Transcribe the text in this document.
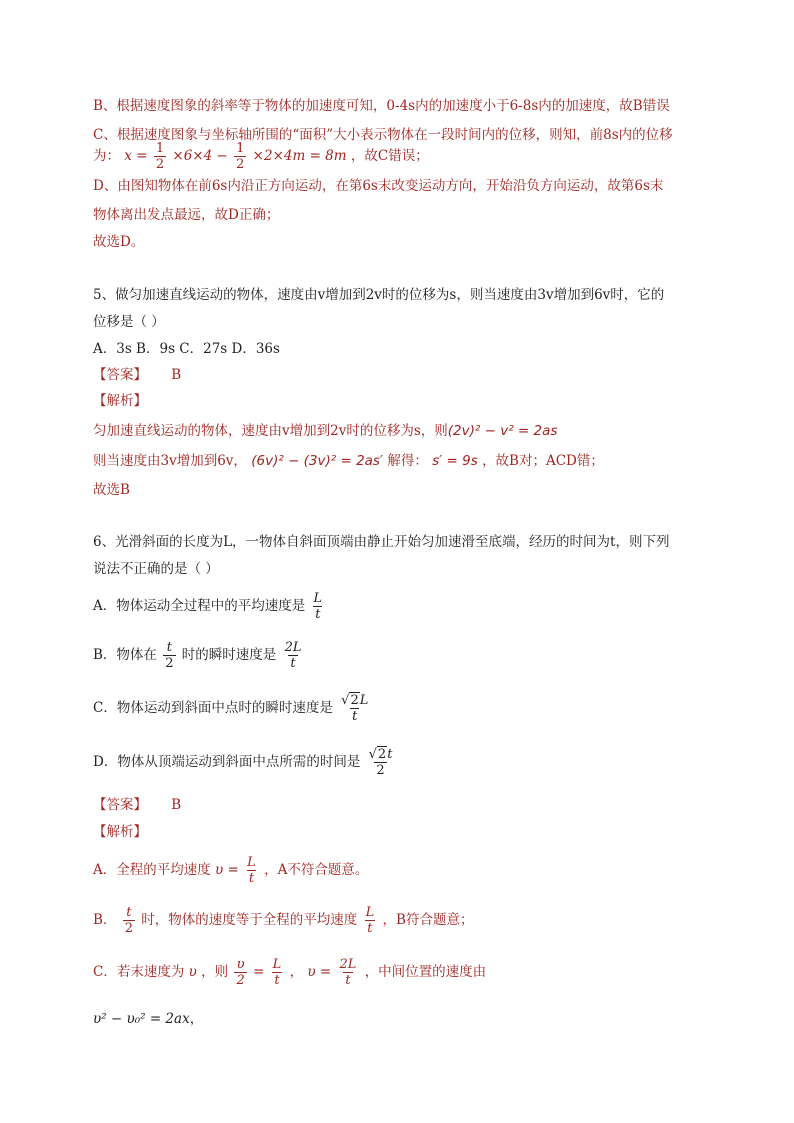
B、根据速度图象的斜率等于物体的加速度可知，0-4s内的加速度小于6-8s内的加速度，故B错误
C、根据速度图象与坐标轴所围的“面积”大小表示物体在一段时间内的位移，则知，前8s内的位移
为： $x = \frac{1}{2} \times 6\times 4 - \frac{1}{2} \times 2\times 4m = 8m$ ，故C错误；
D、由图知物体在前6s内沿正方向运动，在第6s末改变运动方向，开始沿负方向运动，故第6s末
物体离出发点最远，故D正确；
故选D。
5、做匀加速直线运动的物体，速度由v增加到2v时的位移为s，则当速度由3v增加到6v时，它的
位移是（ ）
A．3s B．9s C．27s D．36s
【答案】 B
【解析】
匀加速直线运动的物体，速度由v增加到2v时的位移为s，则(2v)² − v² = 2as
则当速度由3v增加到6v， (6v)² − (3v)² = 2as′ 解得： s′ = 9s ，故B对；ACD错；
故选B
6、光滑斜面的长度为L，一物体自斜面顶端由静止开始匀加速滑至底端，经历的时间为t，则下列
说法不正确的是（ ）
A．物体运动全过程中的平均速度是 $\frac{L}{t}$
B．物体在 $\frac{t}{2}$ 时的瞬时速度是 $\frac{2L}{t}$
C．物体运动到斜面中点时的瞬时速度是 $\frac{√2L}{t}$
D．物体从顶端运动到斜面中点所需的时间是 $\frac{√2t}{2}$
【答案】 B
【解析】
A．全程的平均速度 $\upsilon = \frac{L}{t}$ ，A不符合题意。
B． $\frac{t}{2}$ 时，物体的速度等于全程的平均速度 $\frac{L}{t}$ ，B符合题意；
C．若末速度为 υ ，则 $\frac{\upsilon}{2} = \frac{L}{t}$ ， $\upsilon = \frac{2L}{t}$ ，中间位置的速度由
υ² − υ₀² = 2ax，
